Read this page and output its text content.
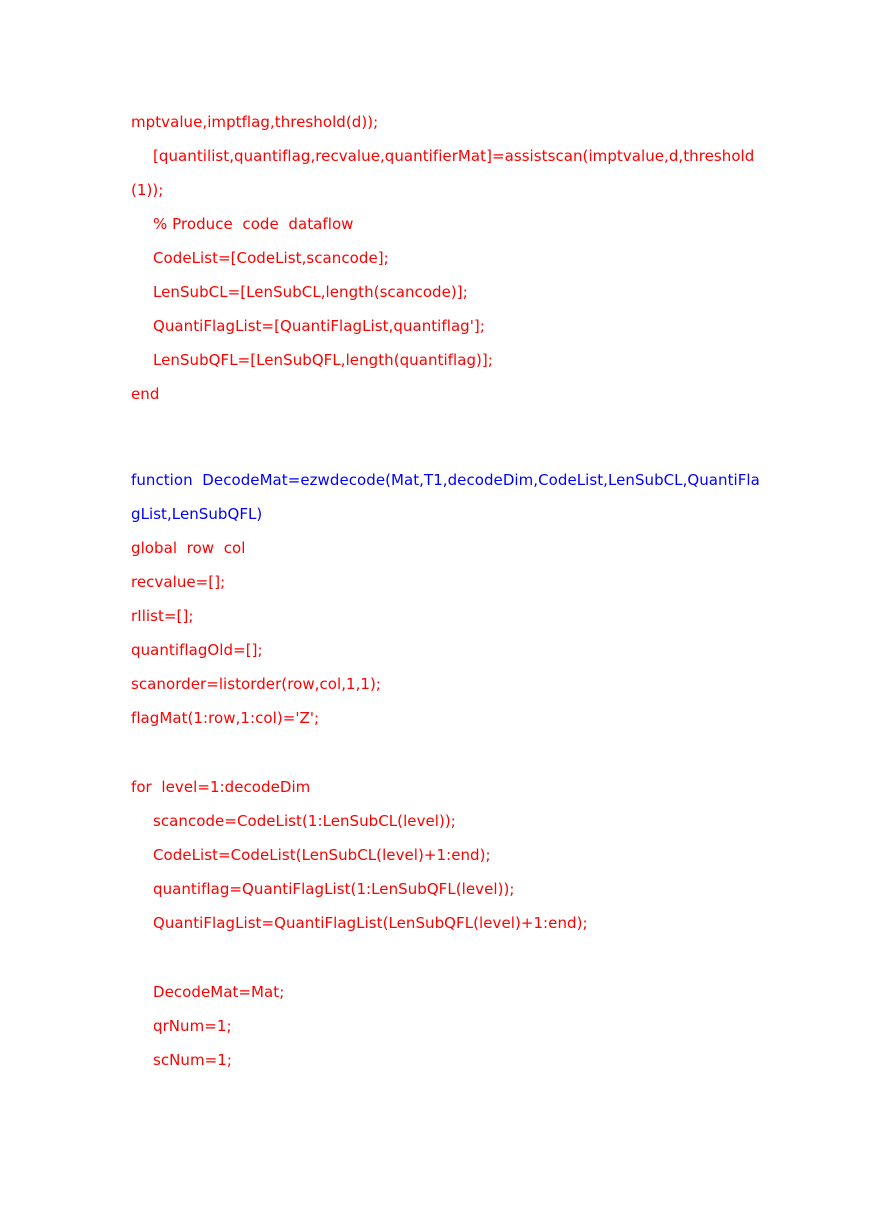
mptvalue,imptflag,threshold(d));
[quantilist,quantiflag,recvalue,quantifierMat]=assistscan(imptvalue,d,threshold
(1));
% Produce  code  dataflow
CodeList=[CodeList,scancode];
LenSubCL=[LenSubCL,length(scancode)];
QuantiFlagList=[QuantiFlagList,quantiflag'];
LenSubQFL=[LenSubQFL,length(quantiflag)];
end
function  DecodeMat=ezwdecode(Mat,T1,decodeDim,CodeList,LenSubCL,QuantiFla
gList,LenSubQFL)
global  row  col
recvalue=[];
rIlist=[];
quantiflagOld=[];
scanorder=listorder(row,col,1,1);
flagMat(1:row,1:col)='Z';
for  level=1:decodeDim
scancode=CodeList(1:LenSubCL(level));
CodeList=CodeList(LenSubCL(level)+1:end);
quantiflag=QuantiFlagList(1:LenSubQFL(level));
QuantiFlagList=QuantiFlagList(LenSubQFL(level)+1:end);
DecodeMat=Mat;
qrNum=1;
scNum=1;
